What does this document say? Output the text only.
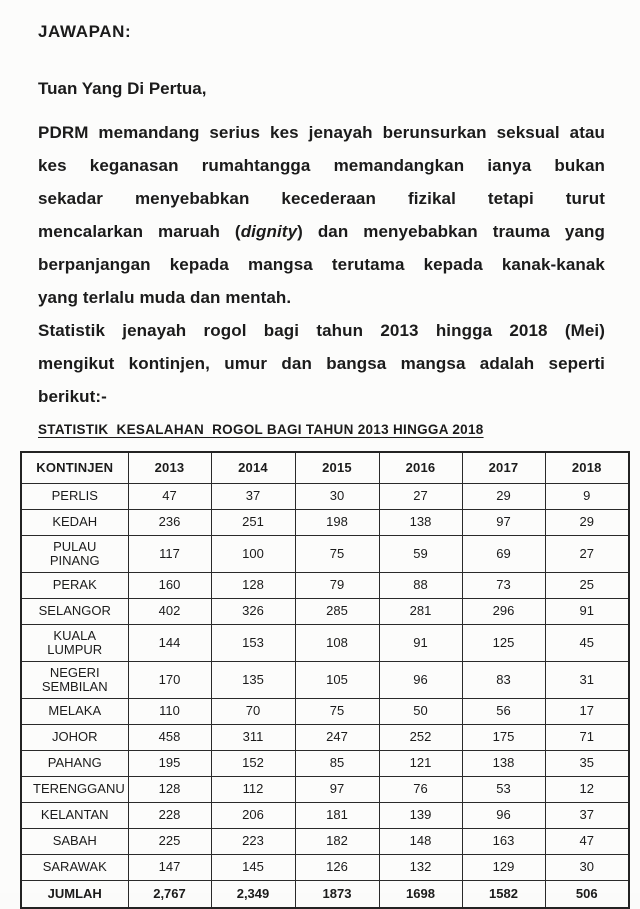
JAWAPAN:

Tuan Yang Di Pertua,

PDRM memandang serius kes jenayah berunsurkan seksual atau
kes keganasan rumahtangga memandangkan ianya bukan
sekadar menyebabkan kecederaan fizikal tetapi turut
mencalarkan maruah (dignity) dan menyebabkan trauma yang
berpanjangan kepada mangsa terutama kepada kanak-kanak
yang terlalu muda dan mentah.
Statistik jenayah rogol bagi tahun 2013 hingga 2018 (Mei)
mengikut kontinjen, umur dan bangsa mangsa adalah seperti
berikut:-
STATISTIK  KESALAHAN  ROGOL BAGI TAHUN 2013 HINGGA 2018
KONTINJEN	2013	2014	2015	2016	2017	2018
PERLIS	47	37	30	27	29	9
KEDAH	236	251	198	138	97	29
PULAU PINANG	117	100	75	59	69	27
PERAK	160	128	79	88	73	25
SELANGOR	402	326	285	281	296	91
KUALA LUMPUR	144	153	108	91	125	45
NEGERI SEMBILAN	170	135	105	96	83	31
MELAKA	110	70	75	50	56	17
JOHOR	458	311	247	252	175	71
PAHANG	195	152	85	121	138	35
TERENGGANU	128	112	97	76	53	12
KELANTAN	228	206	181	139	96	37
SABAH	225	223	182	148	163	47
SARAWAK	147	145	126	132	129	30
JUMLAH	2,767	2,349	1873	1698	1582	506
